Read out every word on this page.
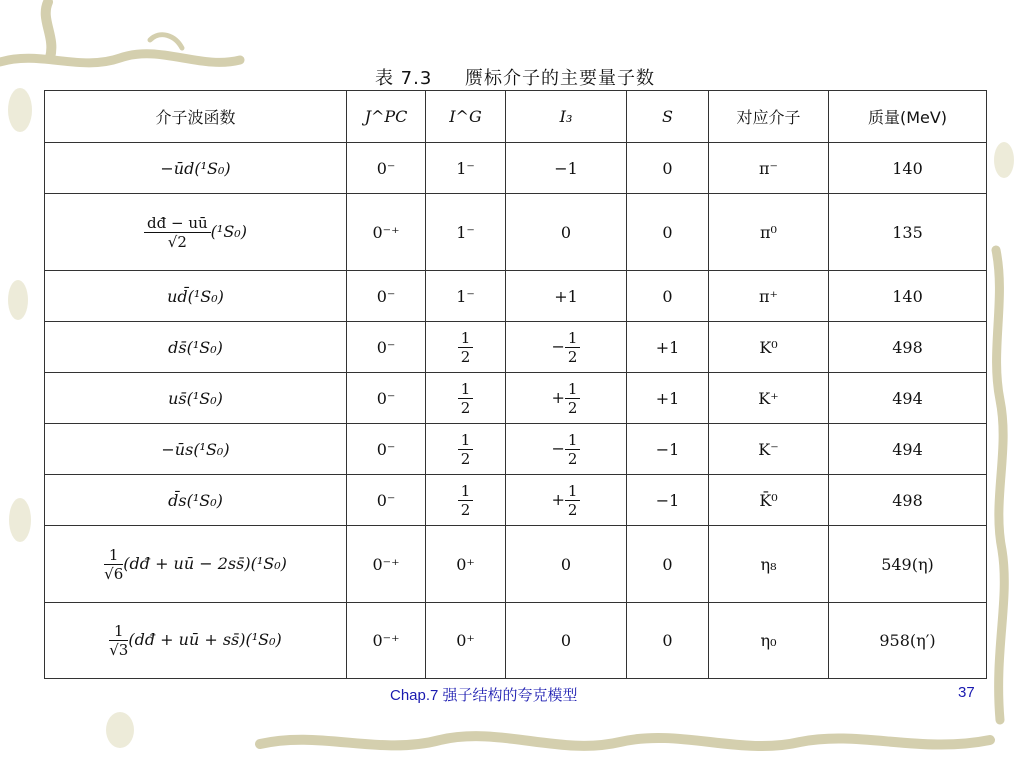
表 7.3 赝标介子的主要量子数
介子波函数	J^PC	I^G	I₃	S	对应介子	质量(MeV)
−ūd(¹S₀)	0⁻	1⁻	−1	0	π⁻	140

$\frac{dđ - uū}{√2} (^1S_0)$	0⁻⁺	1⁻	0	0	π⁰	135
ud̄(¹S₀)	0⁻	1⁻	+1	0	π⁺	140
ds̄(¹S₀)	0⁻	$\frac{1}{2}$	− $\frac{1}{2}$	+1	K⁰	498
us̄(¹S₀)	0⁻	$\frac{1}{2}$	+ $\frac{1}{2}$	+1	K⁺	494
−ūs(¹S₀)	0⁻	$\frac{1}{2}$	− $\frac{1}{2}$	−1	K⁻	494
d̄s(¹S₀)	0⁻	$\frac{1}{2}$	+ $\frac{1}{2}$	−1	K̄⁰	498

$\frac{1}{√6}$ (dđ + uū − 2ss̄)(¹S₀)	0⁻⁺	0⁺	0	0	η₈	549(η)

$\frac{1}{√3}$ (dđ + uū + ss̄)(¹S₀)	0⁻⁺	0⁺	0	0	η₀	958(η′)
Chap.7 强子结构的夸克模型	37
